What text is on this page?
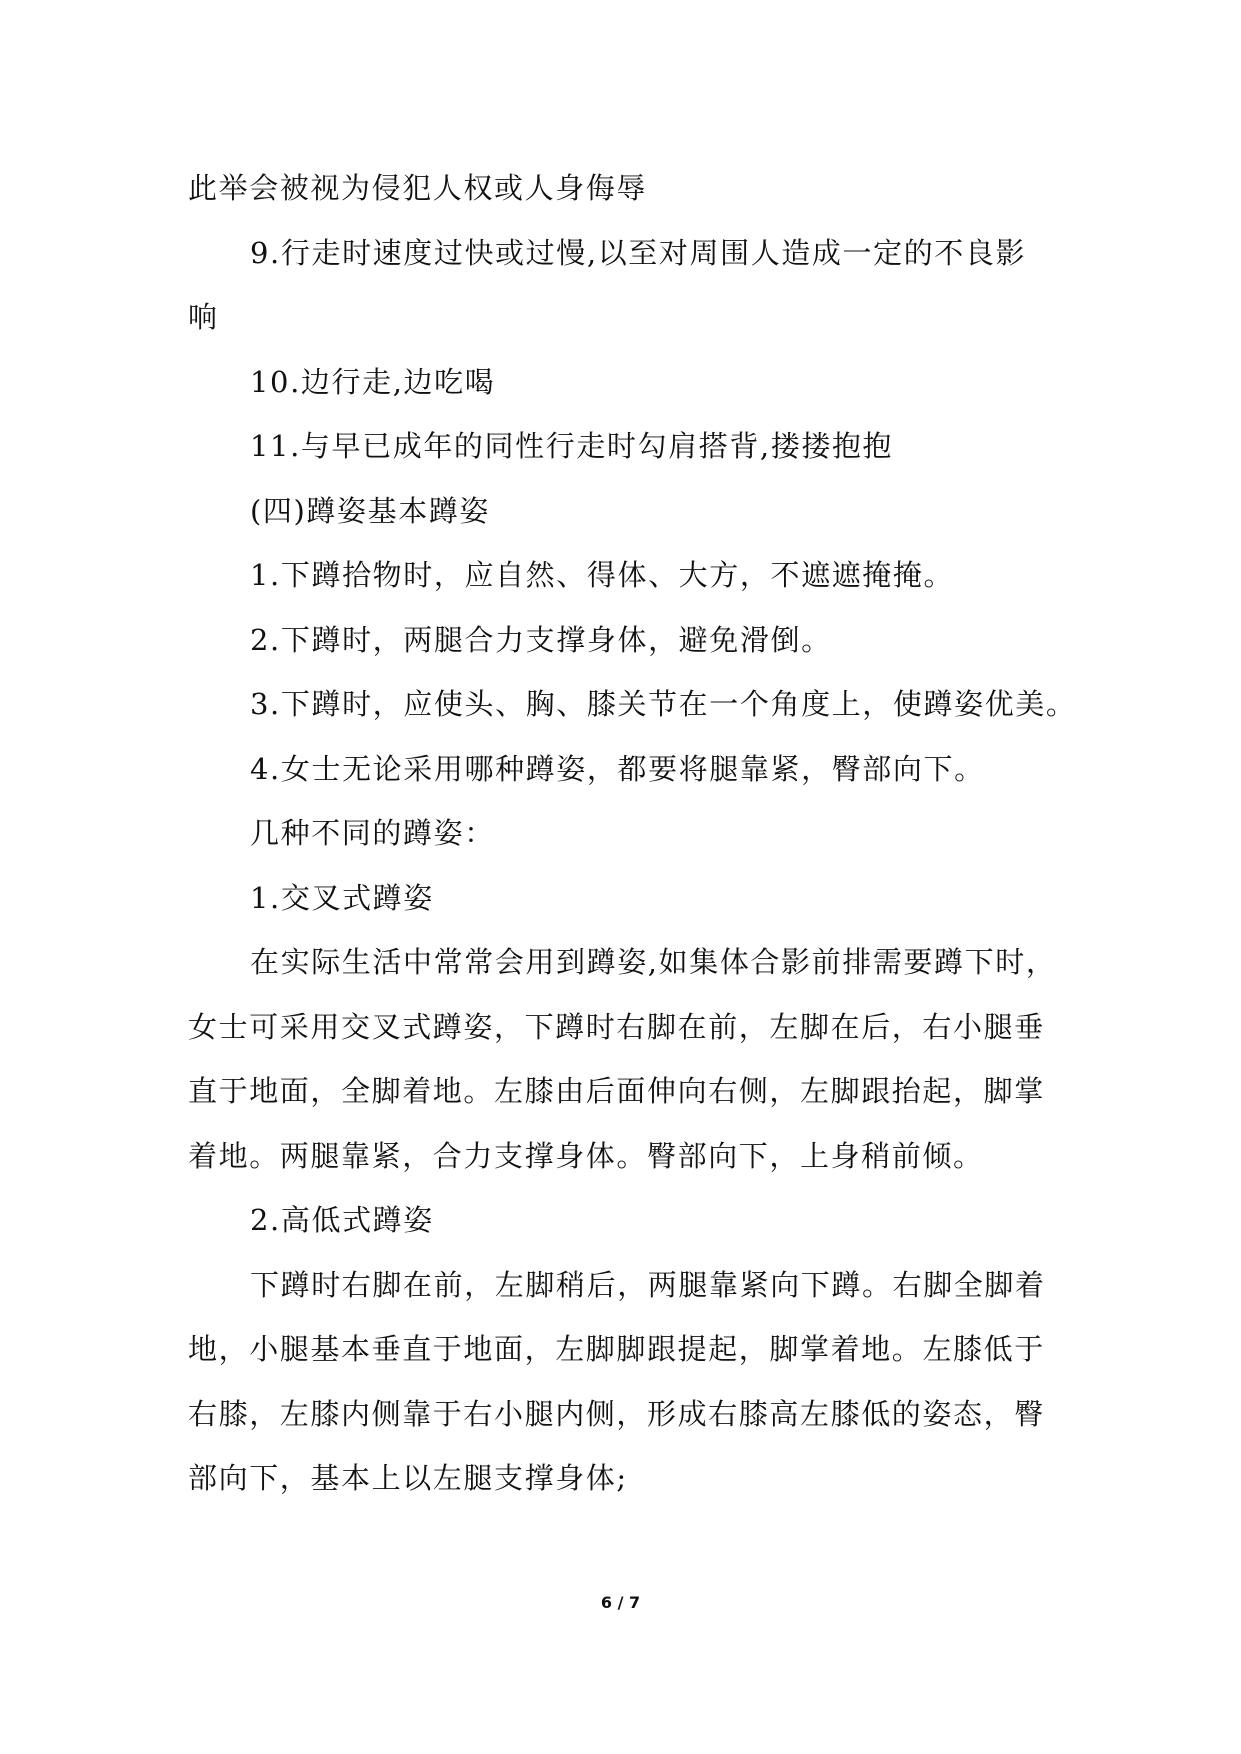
此举会被视为侵犯人权或人身侮辱
9.行走时速度过快或过慢,以至对周围人造成一定的不良影
响
10.边行走,边吃喝
11.与早已成年的同性行走时勾肩搭背,搂搂抱抱
(四)蹲姿基本蹲姿
1.下蹲拾物时，应自然、得体、大方，不遮遮掩掩。
2.下蹲时，两腿合力支撑身体，避免滑倒。
3.下蹲时，应使头、胸、膝关节在一个角度上，使蹲姿优美。
4.女士无论采用哪种蹲姿，都要将腿靠紧，臀部向下。
几种不同的蹲姿：
1.交叉式蹲姿
在实际生活中常常会用到蹲姿,如集体合影前排需要蹲下时，
女士可采用交叉式蹲姿，下蹲时右脚在前，左脚在后，右小腿垂
直于地面，全脚着地。左膝由后面伸向右侧，左脚跟抬起，脚掌
着地。两腿靠紧，合力支撑身体。臀部向下，上身稍前倾。
2.高低式蹲姿
下蹲时右脚在前，左脚稍后，两腿靠紧向下蹲。右脚全脚着
地，小腿基本垂直于地面，左脚脚跟提起，脚掌着地。左膝低于
右膝，左膝内侧靠于右小腿内侧，形成右膝高左膝低的姿态，臀
部向下，基本上以左腿支撑身体;
6 / 7
